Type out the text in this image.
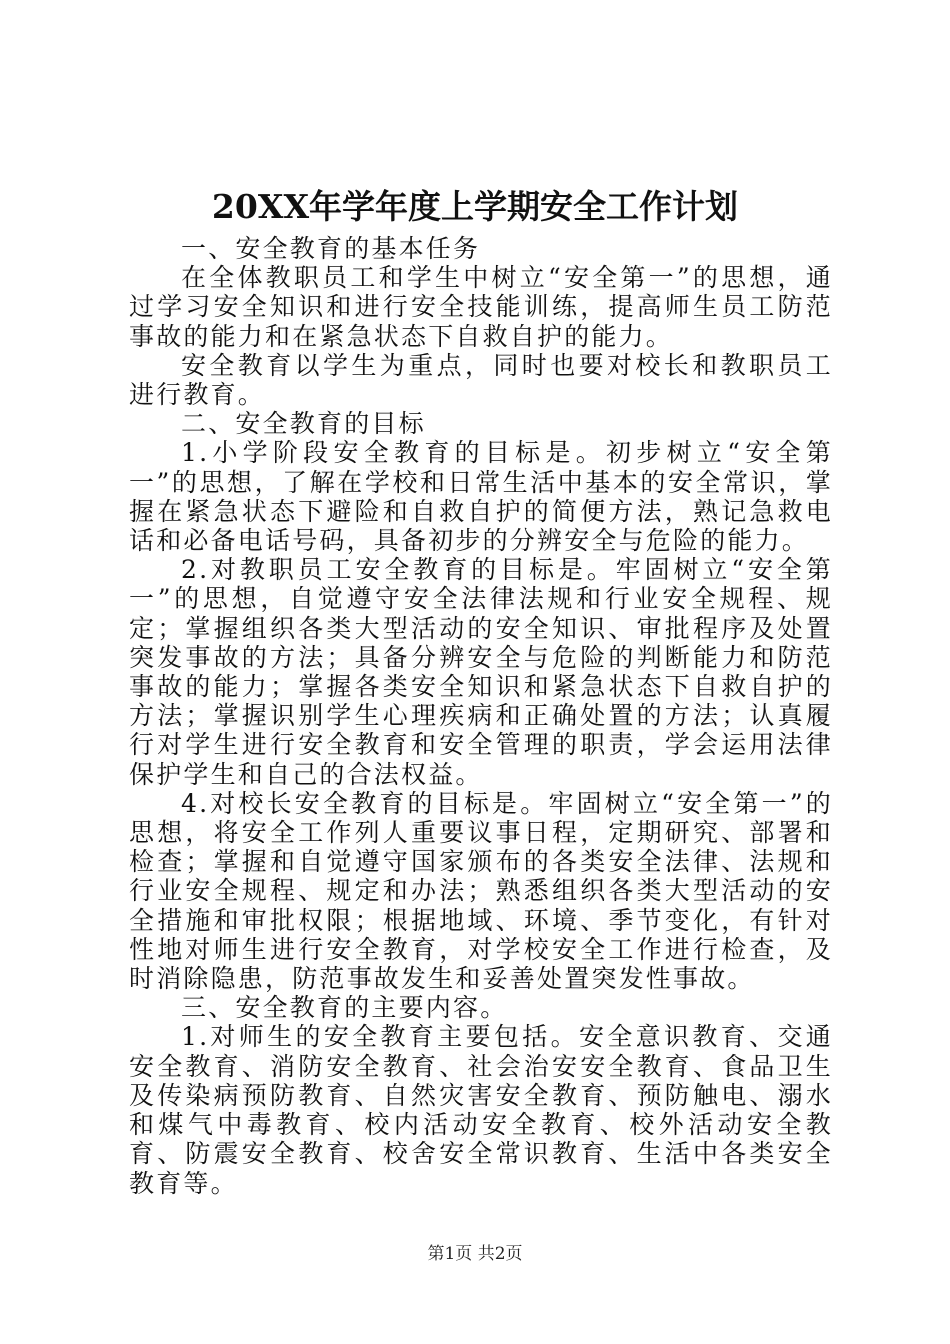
20XX年学年度上学期安全工作计划

一、安全教育的基本任务

在全体教职员工和学生中树立“安全第一”的思想，通过学习安全知识和进行安全技能训练，提高师生员工防范事故的能力和在紧急状态下自救自护的能力。

安全教育以学生为重点，同时也要对校长和教职员工进行教育。

二、安全教育的目标

1.小学阶段安全教育的目标是。初步树立“安全第一”的思想，了解在学校和日常生活中基本的安全常识，掌握在紧急状态下避险和自救自护的简便方法，熟记急救电话和必备电话号码，具备初步的分辨安全与危险的能力。

2.对教职员工安全教育的目标是。牢固树立“安全第一”的思想，自觉遵守安全法律法规和行业安全规程、规定；掌握组织各类大型活动的安全知识、审批程序及处置突发事故的方法；具备分辨安全与危险的判断能力和防范事故的能力；掌握各类安全知识和紧急状态下自救自护的方法；掌握识别学生心理疾病和正确处置的方法；认真履行对学生进行安全教育和安全管理的职责，学会运用法律保护学生和自己的合法权益。

4.对校长安全教育的目标是。牢固树立“安全第一”的思想，将安全工作列人重要议事日程，定期研究、部署和检查；掌握和自觉遵守国家颁布的各类安全法律、法规和行业安全规程、规定和办法；熟悉组织各类大型活动的安全措施和审批权限；根据地域、环境、季节变化，有针对性地对师生进行安全教育，对学校安全工作进行检查，及时消除隐患，防范事故发生和妥善处置突发性事故。

三、安全教育的主要内容。

1.对师生的安全教育主要包括。安全意识教育、交通安全教育、消防安全教育、社会治安安全教育、食品卫生及传染病预防教育、自然灾害安全教育、预防触电、溺水和煤气中毒教育、校内活动安全教育、校外活动安全教育、防震安全教育、校舍安全常识教育、生活中各类安全教育等。

第1页 共2页
